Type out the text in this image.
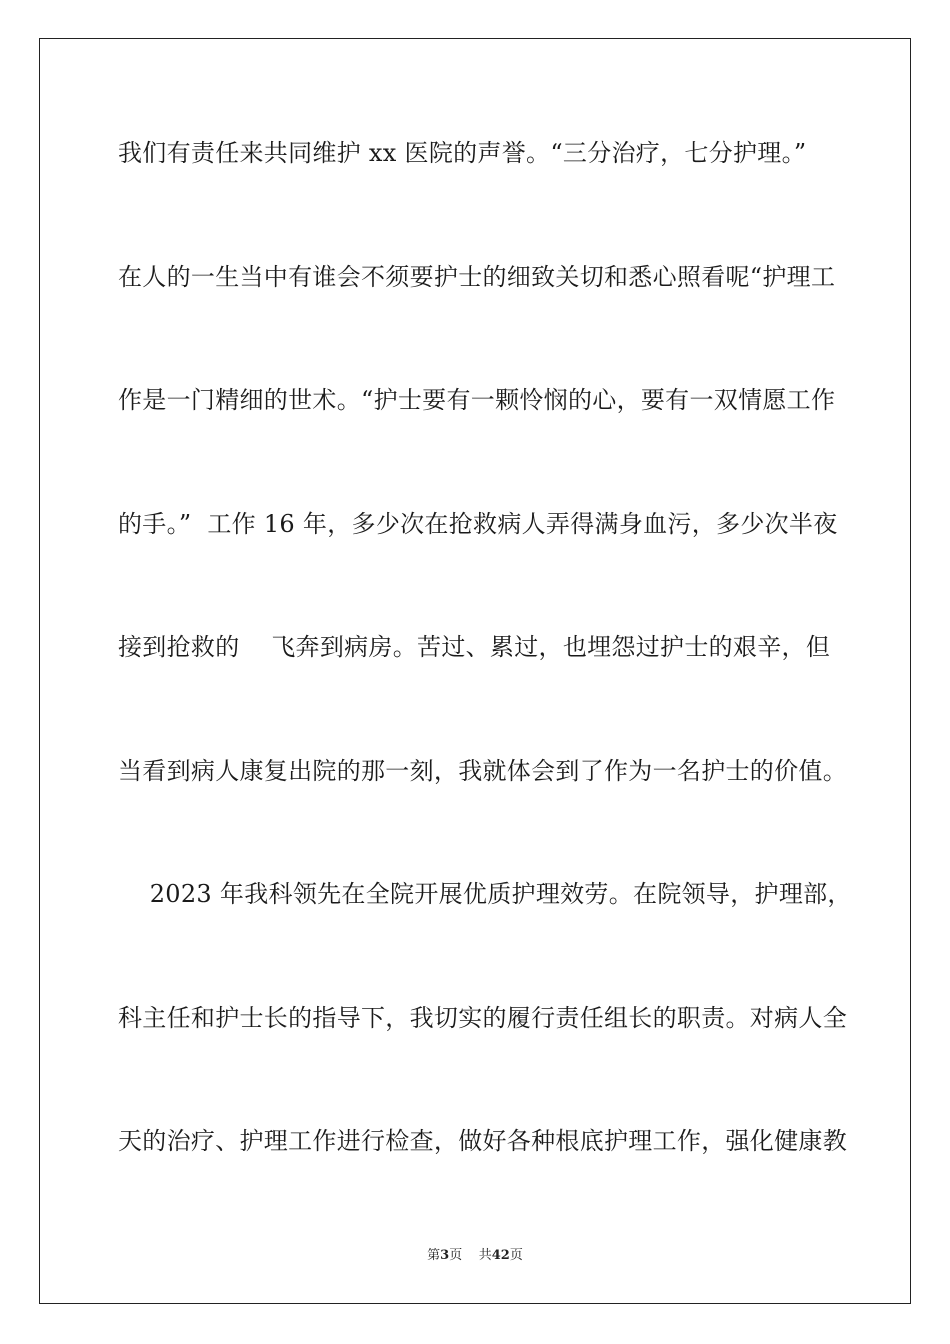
我们有责任来共同维护 xx 医院的声誉。“三分治疗，七分护理。”
在人的一生当中有谁会不须要护士的细致关切和悉心照看呢“护理工
作是一门精细的世术。“护士要有一颗怜悯的心，要有一双情愿工作
的手。”  工作 16 年，多少次在抢救病人弄得满身血污，多少次半夜
接到抢救的    飞奔到病房。苦过、累过，也埋怨过护士的艰辛，但
当看到病人康复出院的那一刻，我就体会到了作为一名护士的价值。
2023 年我科领先在全院开展优质护理效劳。在院领导，护理部，
科主任和护士长的指导下，我切实的履行责任组长的职责。对病人全
天的治疗、护理工作进行检查，做好各种根底护理工作，强化健康教
第3页 共42页
